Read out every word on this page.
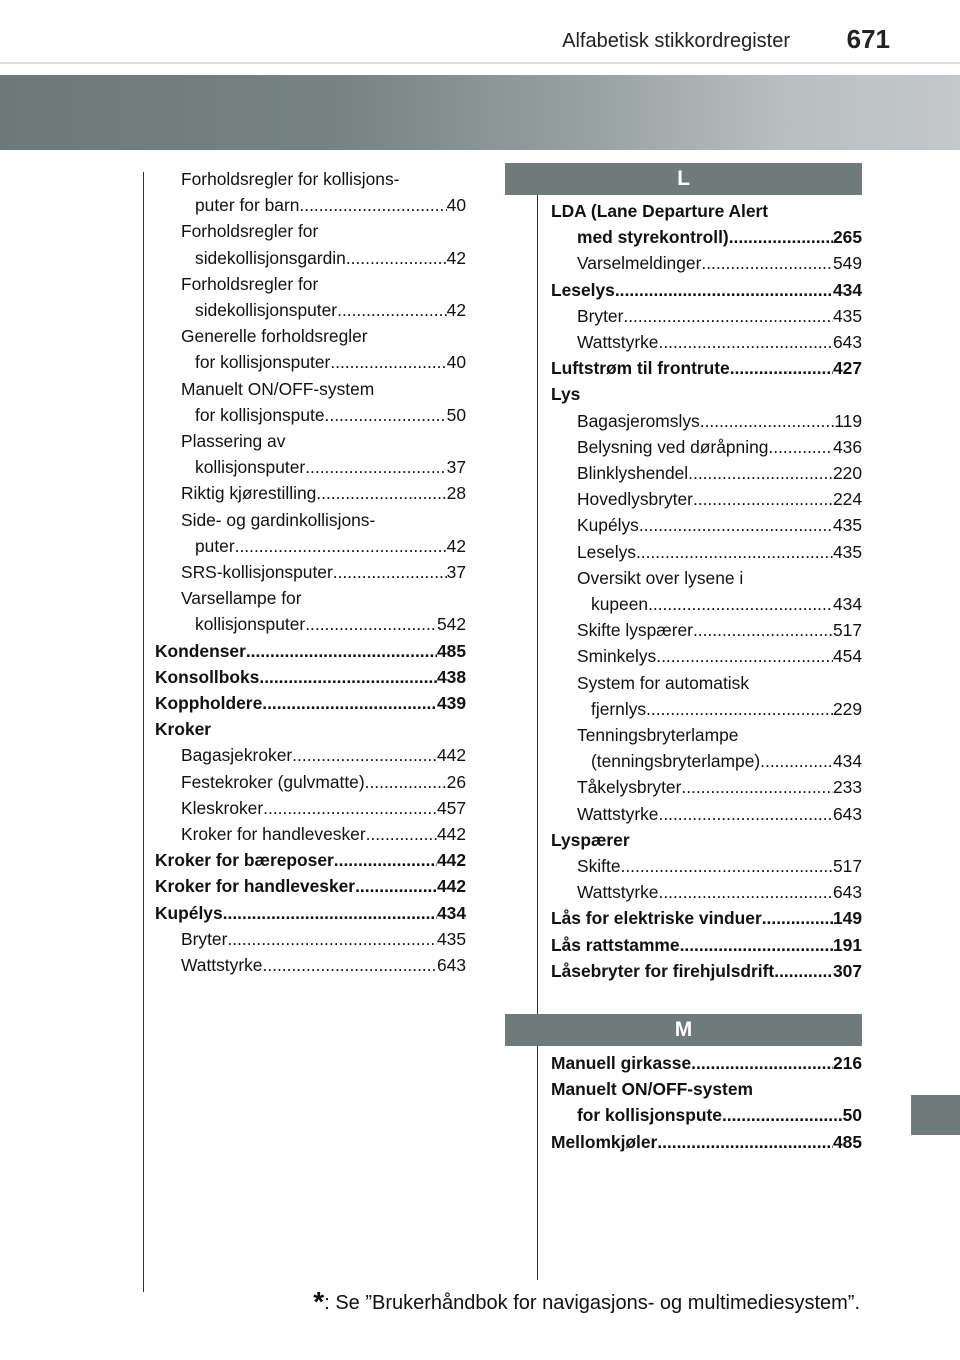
Alfabetisk stikkordregister	671
Forholdsregler for kollisjons-
puter for barn .....	40
Forholdsregler for
sidekollisjonsgardin .....	42
Forholdsregler for
sidekollisjonsputer .....	42
Generelle forholdsregler
for kollisjonsputer .....	40
Manuelt ON/OFF-system
for kollisjonspute .....	50
Plassering av
kollisjonsputer .....	37
Riktig kjørestilling .....	28
Side- og gardinkollisjons-
puter .....	42
SRS-kollisjonsputer .....	37
Varsellampe for
kollisjonsputer .....	542
Kondenser .....	485
Konsollboks .....	438
Koppholdere .....	439
Kroker
Bagasjekroker .....	442
Festekroker (gulvmatte) .....	26
Kleskroker .....	457
Kroker for handlevesker .....	442
Kroker for bæreposer .....	442
Kroker for handlevesker .....	442
Kupélys .....	434
Bryter .....	435
Wattstyrke .....	643
L
LDA (Lane Departure Alert
med styrekontroll) .....	265
Varselmeldinger .....	549
Leselys .....	434
Bryter .....	435
Wattstyrke .....	643
Luftstrøm til frontrute .....	427
Lys
Bagasjeromslys .....	119
Belysning ved døråpning .....	436
Blinklyshendel .....	220
Hovedlysbryter .....	224
Kupélys .....	435
Leselys .....	435
Oversikt over lysene i
kupeen .....	434
Skifte lyspærer .....	517
Sminkelys .....	454
System for automatisk
fjernlys .....	229
Tenningsbryterlampe
(tenningsbryterlampe) .....	434
Tåkelysbryter .....	233
Wattstyrke .....	643
Lyspærer
Skifte .....	517
Wattstyrke .....	643
Lås for elektriske vinduer .....	149
Lås rattstamme .....	191
Låsebryter for firehjulsdrift .....	307
M
Manuell girkasse .....	216
Manuelt ON/OFF-system
for kollisjonspute .....	50
Mellomkjøler .....	485
*: Se ”Brukerhåndbok for navigasjons- og multimediesystem”.
